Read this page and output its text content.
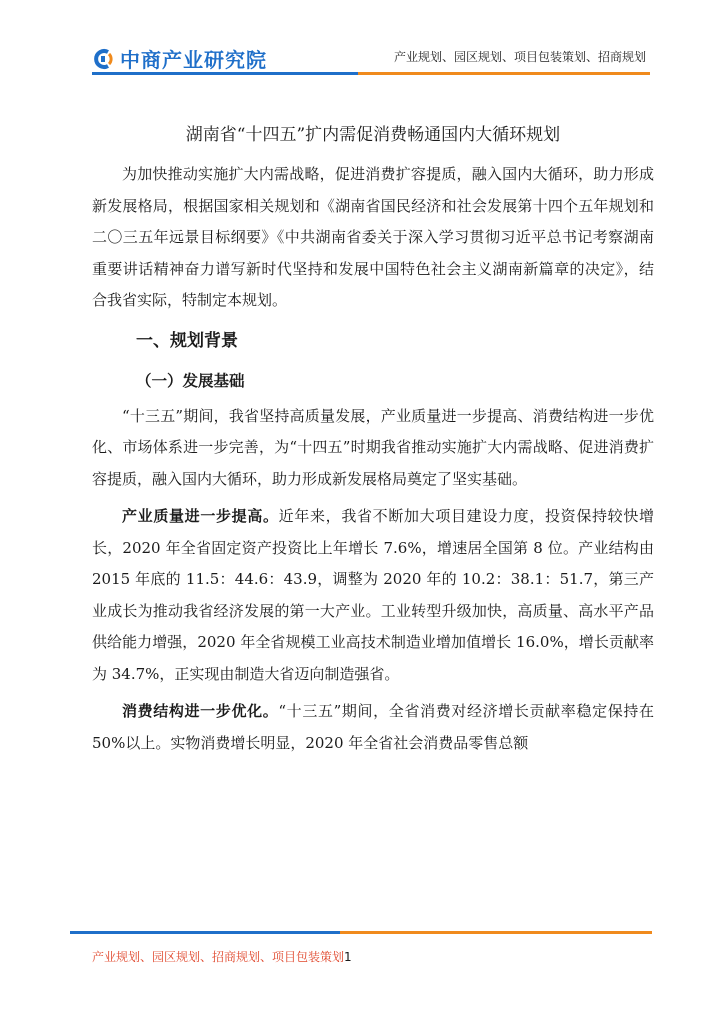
中商产业研究院	产业规划、园区规划、项目包装策划、招商规划
湖南省“十四五”扩内需促消费畅通国内大循环规划

为加快推动实施扩大内需战略，促进消费扩容提质，融入国内大循环，助力形成新发展格局，根据国家相关规划和《湖南省国民经济和社会发展第十四个五年规划和二〇三五年远景目标纲要》《中共湖南省委关于深入学习贯彻习近平总书记考察湖南重要讲话精神奋力谱写新时代坚持和发展中国特色社会主义湖南新篇章的决定》，结合我省实际，特制定本规划。

一、规划背景
（一）发展基础

“十三五”期间，我省坚持高质量发展，产业质量进一步提高、消费结构进一步优化、市场体系进一步完善，为“十四五”时期我省推动实施扩大内需战略、促进消费扩容提质，融入国内大循环，助力形成新发展格局奠定了坚实基础。

产业质量进一步提高。近年来，我省不断加大项目建设力度，投资保持较快增长，2020 年全省固定资产投资比上年增长 7.6%，增速居全国第 8 位。产业结构由 2015 年底的 11.5：44.6：43.9，调整为 2020 年的 10.2：38.1：51.7，第三产业成长为推动我省经济发展的第一大产业。工业转型升级加快，高质量、高水平产品供给能力增强，2020 年全省规模工业高技术制造业增加值增长 16.0%，增长贡献率为 34.7%，正实现由制造大省迈向制造强省。

消费结构进一步优化。“十三五”期间，全省消费对经济增长贡献率稳定保持在 50%以上。实物消费增长明显，2020 年全省社会消费品零售总额

产业规划、园区规划、招商规划、项目包装策划1
